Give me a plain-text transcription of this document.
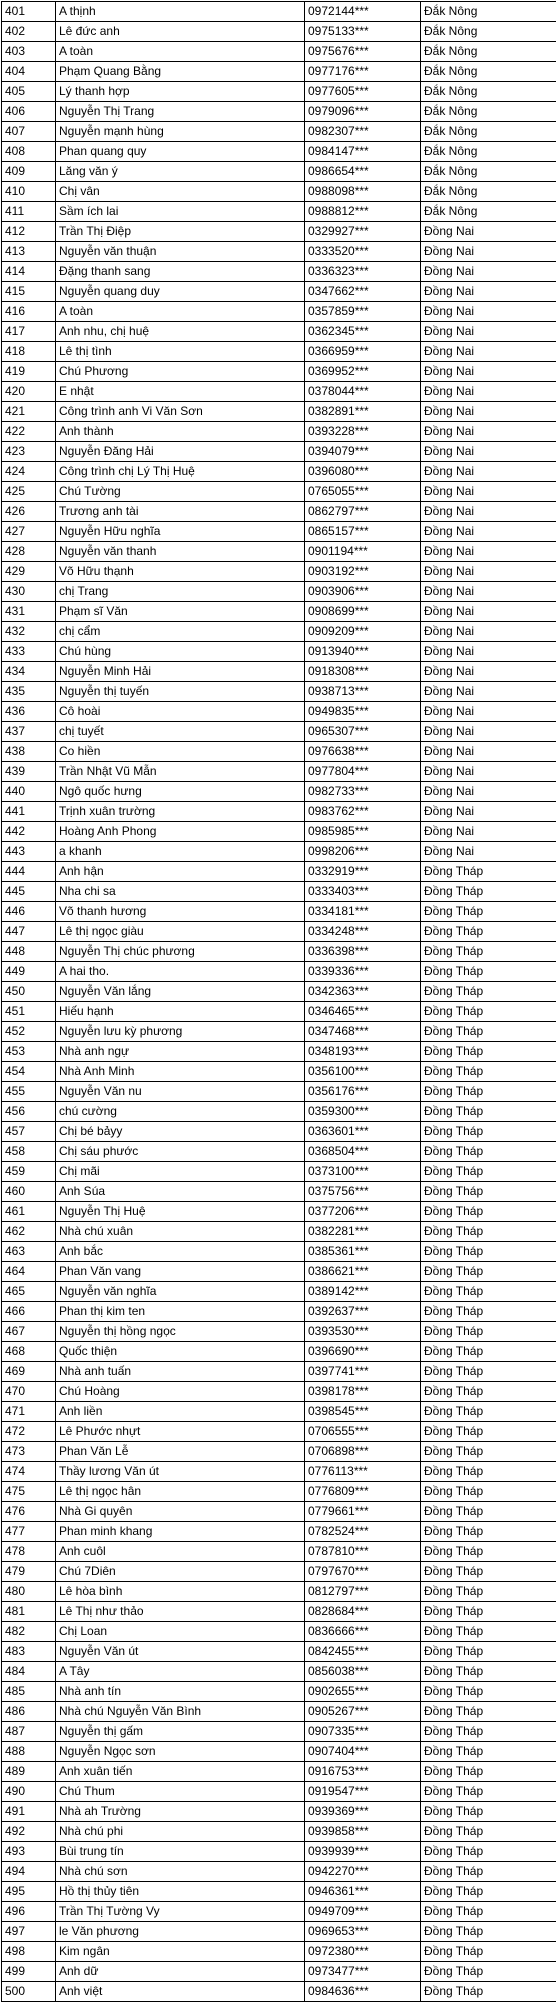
401	A thịnh	0972144***	Đắk Nông
402	Lê đức anh	0975133***	Đắk Nông
403	A toàn	0975676***	Đắk Nông
404	Phạm Quang Bằng	0977176***	Đắk Nông
405	Lý thanh hợp	0977605***	Đắk Nông
406	Nguyễn Thị Trang	0979096***	Đắk Nông
407	Nguyễn mạnh hùng	0982307***	Đắk Nông
408	Phan quang quy	0984147***	Đắk Nông
409	Lăng văn ý	0986654***	Đắk Nông
410	Chị vân	0988098***	Đắk Nông
411	Sầm ích lai	0988812***	Đắk Nông
412	Trần Thị Điệp	0329927***	Đồng Nai
413	Nguyễn văn thuận	0333520***	Đồng Nai
414	Đặng thanh sang	0336323***	Đồng Nai
415	Nguyễn quang duy	0347662***	Đồng Nai
416	A toàn	0357859***	Đồng Nai
417	Anh nhu, chị huệ	0362345***	Đồng Nai
418	Lê thị tình	0366959***	Đồng Nai
419	Chú Phương	0369952***	Đồng Nai
420	E nhật	0378044***	Đồng Nai
421	Công trình anh Vi Văn Sơn	0382891***	Đồng Nai
422	Anh thành	0393228***	Đồng Nai
423	Nguyễn Đăng Hải	0394079***	Đồng Nai
424	Công trình chị Lý Thị Huệ	0396080***	Đồng Nai
425	Chú Tường	0765055***	Đồng Nai
426	Trương anh tài	0862797***	Đồng Nai
427	Nguyễn Hữu nghĩa	0865157***	Đồng Nai
428	Nguyễn văn thanh	0901194***	Đồng Nai
429	Võ Hữu thạnh	0903192***	Đồng Nai
430	chị Trang	0903906***	Đồng Nai
431	Phạm sĩ Văn	0908699***	Đồng Nai
432	chị cẩm	0909209***	Đồng Nai
433	Chú hùng	0913940***	Đồng Nai
434	Nguyễn Minh Hải	0918308***	Đồng Nai
435	Nguyễn thị tuyến	0938713***	Đồng Nai
436	Cô hoài	0949835***	Đồng Nai
437	chị tuyết	0965307***	Đồng Nai
438	Co hiền	0976638***	Đồng Nai
439	Trần Nhật Vũ Mẫn	0977804***	Đồng Nai
440	Ngô quốc hưng	0982733***	Đồng Nai
441	Trịnh xuân trường	0983762***	Đồng Nai
442	Hoàng Anh Phong	0985985***	Đồng Nai
443	a khanh	0998206***	Đồng Nai
444	Anh hận	0332919***	Đồng Tháp
445	Nha chi sa	0333403***	Đồng Tháp
446	Võ thanh hương	0334181***	Đồng Tháp
447	Lê thị ngọc giàu	0334248***	Đồng Tháp
448	Nguyễn Thị chúc phương	0336398***	Đồng Tháp
449	A hai tho.	0339336***	Đồng Tháp
450	Nguyễn Văn lắng	0342363***	Đồng Tháp
451	Hiếu hạnh	0346465***	Đồng Tháp
452	Nguyễn lưu kỳ phương	0347468***	Đồng Tháp
453	Nhà anh ngự	0348193***	Đồng Tháp
454	Nhà Anh Minh	0356100***	Đồng Tháp
455	Nguyễn Văn nu	0356176***	Đồng Tháp
456	chú cường	0359300***	Đồng Tháp
457	Chị bé bảyy	0363601***	Đồng Tháp
458	Chị sáu phước	0368504***	Đồng Tháp
459	Chị mãi	0373100***	Đồng Tháp
460	Anh Súa	0375756***	Đồng Tháp
461	Nguyễn Thị Huệ	0377206***	Đồng Tháp
462	Nhà chú xuân	0382281***	Đồng Tháp
463	Anh bắc	0385361***	Đồng Tháp
464	Phan Văn vang	0386621***	Đồng Tháp
465	Nguyễn văn nghĩa	0389142***	Đồng Tháp
466	Phan thị kim ten	0392637***	Đồng Tháp
467	Nguyễn thị hồng ngọc	0393530***	Đồng Tháp
468	Quốc thiện	0396690***	Đồng Tháp
469	Nhà anh tuấn	0397741***	Đồng Tháp
470	Chú Hoàng	0398178***	Đồng Tháp
471	Anh liền	0398545***	Đồng Tháp
472	Lê Phước nhựt	0706555***	Đồng Tháp
473	Phan Văn Lễ	0706898***	Đồng Tháp
474	Thầy lương Văn út	0776113***	Đồng Tháp
475	Lê thị ngọc hân	0776809***	Đồng Tháp
476	Nhà Gi quyên	0779661***	Đồng Tháp
477	Phan minh khang	0782524***	Đồng Tháp
478	Anh cuôl	0787810***	Đồng Tháp
479	Chú 7Diên	0797670***	Đồng Tháp
480	Lê hòa bình	0812797***	Đồng Tháp
481	Lê Thị như thảo	0828684***	Đồng Tháp
482	Chị Loan	0836666***	Đồng Tháp
483	Nguyễn Văn út	0842455***	Đồng Tháp
484	A Tây	0856038***	Đồng Tháp
485	Nhà anh tín	0902655***	Đồng Tháp
486	Nhà chú Nguyễn Văn Bình	0905267***	Đồng Tháp
487	Nguyễn thị gấm	0907335***	Đồng Tháp
488	Nguyễn Ngọc sơn	0907404***	Đồng Tháp
489	Anh xuân tiến	0916753***	Đồng Tháp
490	Chú Thum	0919547***	Đồng Tháp
491	Nhà ah Trường	0939369***	Đồng Tháp
492	Nhà chú phi	0939858***	Đồng Tháp
493	Bùi trung tín	0939939***	Đồng Tháp
494	Nhà chú sơn	0942270***	Đồng Tháp
495	Hồ thị thủy tiên	0946361***	Đồng Tháp
496	Trần Thị Tường Vy	0949709***	Đồng Tháp
497	le Văn phương	0969653***	Đồng Tháp
498	Kim ngân	0972380***	Đồng Tháp
499	Anh dữ	0973477***	Đồng Tháp
500	Anh việt	0984636***	Đồng Tháp
